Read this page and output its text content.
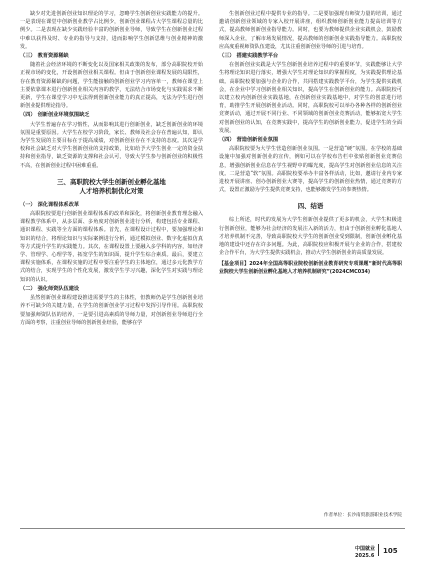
缺少对先进创新创业知识理论的学习，忽略学生创新创业实践能力的提升。一是表现在课堂中创新创业教学占比例少，创新创业课程占大学生课程总量的比例少。二是表现在缺少实践经验丰富的创新创业导师，导致学生在创新创业过程中难以获得及时、专业的指导与支持，进而影响学生创新思维与创业精神的激发。

（三） 教育资源稀缺

随着社会经济环境的不断变化以及国家相关政策的发布，部分高职院校开始正视市场的变化，开设创新创业相关课程。但由于创新创业课程发展的局限性，存在教育资源稀缺的问题，学生能接触的创新创业学习内容单一，教师在课堂上主要依靠课本进行创新创业相关内容的教学，无法结合市场变化与实践需求不断更新，学生在课堂学习中无法得到创新创业能力的真正提高，无法为学生进行创新创业提供理论指导。

（四） 创新创业环境氛围缺乏

大学生普遍存在学习惰性，从而影响其进行创新创业，缺乏创新创业的环境氛围是重要原因。大学生在校学习阶段，家长、教师及社会存在普遍认知，即认为学生发展的主要目标在于提高成绩，对创新创业存在不支持的态度。其次是学校和社会缺乏对大学生创新创业的支持政策，比如给予大学生创业一定的资金扶持和创业指导，缺乏资源的支撑和社会认可，导致大学生参与创新创业的积极性不高，在创新创业过程中困难重重。

三、高职院校大学生创新创业孵化基地
人才培养机制优化对策
（一） 深化课程体系改革

高职院校要进行创新创业课程体系的改革和深化，将创新创业教育理念融入课程教学体系中，从多层面、多角度对创新创业进行分析，构建包括专业课程、通识课程、实践等全方面的课程体系。首先，在课程设计过程中，要加强理论和知识的结合，将理论知识与实际案例进行分析，通过模拟创业、数字化虚拟仿真等方式提升学生的实践能力。其次，在课程设置上要融入多学科的内容，如经济学、管理学、心理学等，拓宽学生的知识面，提升学生综合素质。最后，要建立课程实施体系，在课程实施的过程中要注重学生的主体地位，通过多元化教学方式的结合，实现学生的个性化发展，激发学生学习兴趣，深化学生对实践与理论知识的认识。

（二） 强化师资队伍建设

虽然创新创业课程建设推进需要学生的主体性，但教师仍是学生创新创业培养不可缺少的关键力量，在学生的创新创业学习过程中发挥引导作用。高职院校要加强师资队伍的培养，一是要引进高素质的导师力量，对创新创业导师进行全方面的考察，注重创业导师的创新创业经验，能够在学

生创新创业过程中提供专业的指导。二是要加强现有师资力量的培训，通过邀请创新创业领域的专家入校开展讲座，组织教师创新创业能力提高培训等方式，提高教师创新创业指导能力。同时，也要为教师提供企业实践机会，鼓励教师深入企业，了解市场发展情况，提高教师的创新创业实践指导能力。高职院校应高度重视师资队伍建设，尤其注重创新创业导师的引进与培育。

（三） 搭建实践教学平台

在创新创业实践是大学生创新创业培养过程中的重要环节，实践能够让大学生将理论知识进行落实，增强大学生对理论知识的掌握程度，为实践提供理论基础。高职院校要加强与企业的合作，共同搭建实践教学平台，为学生提供实践机会，在企业中学习创新创业相关知识，提高学生在创新创业的能力。高职院校可以建立校内创新创业实践基地，在创新创业实践基地中，对学生的创意进行培育，助推学生开展创新创业活动。同时，高职院校可以举办各种各样的创新创业竞赛活动，通过开展不同行业、不同领域的创新创业竞赛活动，能够拓宽大学生对创新创业的认知，在竞赛实践中，提高学生的创新创业能力，促进学生的全面发展。

（四） 营造创新创业氛围

高职院校要为大学生营造创新创业氛围。一是营造“硬”氛围。在学校的基础设施中加强对创新创业的宣传，例如可以在学校布告栏中张贴创新创业竞赛信息，增强创新创业信息在学生视野中的曝光度，提高学生对创新创业信息的关注度。二是营造“软”氛围。高职院校要举办丰富各样活动，比如，邀请行业内专家进校开展讲座、创办创新创业大赛等，提高学生的创新创业热情，通过竞赛的方式，设置正激励为学生提供竞赛支持，也能够激发学生的参赛热情。

四、结语

综上所述，时代的发展为大学生创新创业提供了更多的机会，大学生积极进行创新创业，能够为社会经济的发展注入新的活力，但由于创新创业孵化基地人才培养机制不完善，导致高职院校大学生的创新创业受到限制，创新创业孵化基地的建设中还存在许多问题。为此，高职院校应积极开展与企业的合作，搭建校企合作平台，为大学生提供实践机会，推动大学生创新创业的高质量发展。

【基金项目】2024年全国高等职业院校创新创业教育研究专项课题“新时代高等职业院校大学生创新创业孵化基地人才培养机制研究”(2024CMC034)
作者单位：长沙南贸旅游职业技术学院
中国就业
2025.6
105
